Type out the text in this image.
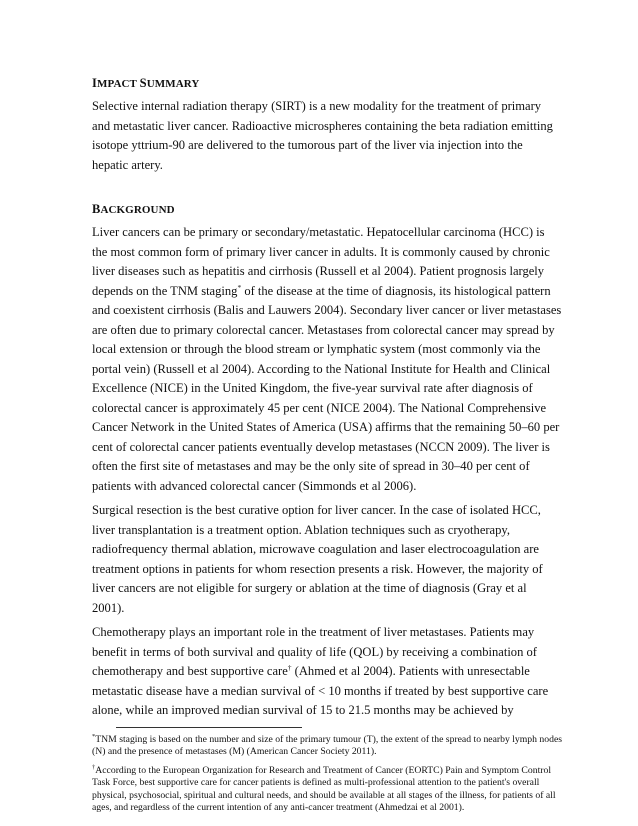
IMPACT SUMMARY

Selective internal radiation therapy (SIRT) is a new modality for the treatment of primary and metastatic liver cancer. Radioactive microspheres containing the beta radiation emitting isotope yttrium-90 are delivered to the tumorous part of the liver via injection into the hepatic artery.

BACKGROUND

Liver cancers can be primary or secondary/metastatic. Hepatocellular carcinoma (HCC) is the most common form of primary liver cancer in adults. It is commonly caused by chronic liver diseases such as hepatitis and cirrhosis (Russell et al 2004). Patient prognosis largely depends on the TNM staging* of the disease at the time of diagnosis, its histological pattern and coexistent cirrhosis (Balis and Lauwers 2004). Secondary liver cancer or liver metastases are often due to primary colorectal cancer. Metastases from colorectal cancer may spread by local extension or through the blood stream or lymphatic system (most commonly via the portal vein) (Russell et al 2004). According to the National Institute for Health and Clinical Excellence (NICE) in the United Kingdom, the five-year survival rate after diagnosis of colorectal cancer is approximately 45 per cent (NICE 2004). The National Comprehensive Cancer Network in the United States of America (USA) affirms that the remaining 50–60 per cent of colorectal cancer patients eventually develop metastases (NCCN 2009). The liver is often the first site of metastases and may be the only site of spread in 30–40 per cent of patients with advanced colorectal cancer (Simmonds et al 2006).

Surgical resection is the best curative option for liver cancer. In the case of isolated HCC, liver transplantation is a treatment option. Ablation techniques such as cryotherapy, radiofrequency thermal ablation, microwave coagulation and laser electrocoagulation are treatment options in patients for whom resection presents a risk. However, the majority of liver cancers are not eligible for surgery or ablation at the time of diagnosis (Gray et al 2001).

Chemotherapy plays an important role in the treatment of liver metastases. Patients may benefit in terms of both survival and quality of life (QOL) by receiving a combination of chemotherapy and best supportive care† (Ahmed et al 2004). Patients with unresectable metastatic disease have a median survival of < 10 months if treated by best supportive care alone, while an improved median survival of 15 to 21.5 months may be achieved by

*TNM staging is based on the number and size of the primary tumour (T), the extent of the spread to nearby lymph nodes (N) and the presence of metastases (M) (American Cancer Society 2011).

†According to the European Organization for Research and Treatment of Cancer (EORTC) Pain and Symptom Control Task Force, best supportive care for cancer patients is defined as multi-professional attention to the patient's overall physical, psychosocial, spiritual and cultural needs, and should be available at all stages of the illness, for patients of all ages, and regardless of the current intention of any anti-cancer treatment (Ahmedzai et al 2001).
